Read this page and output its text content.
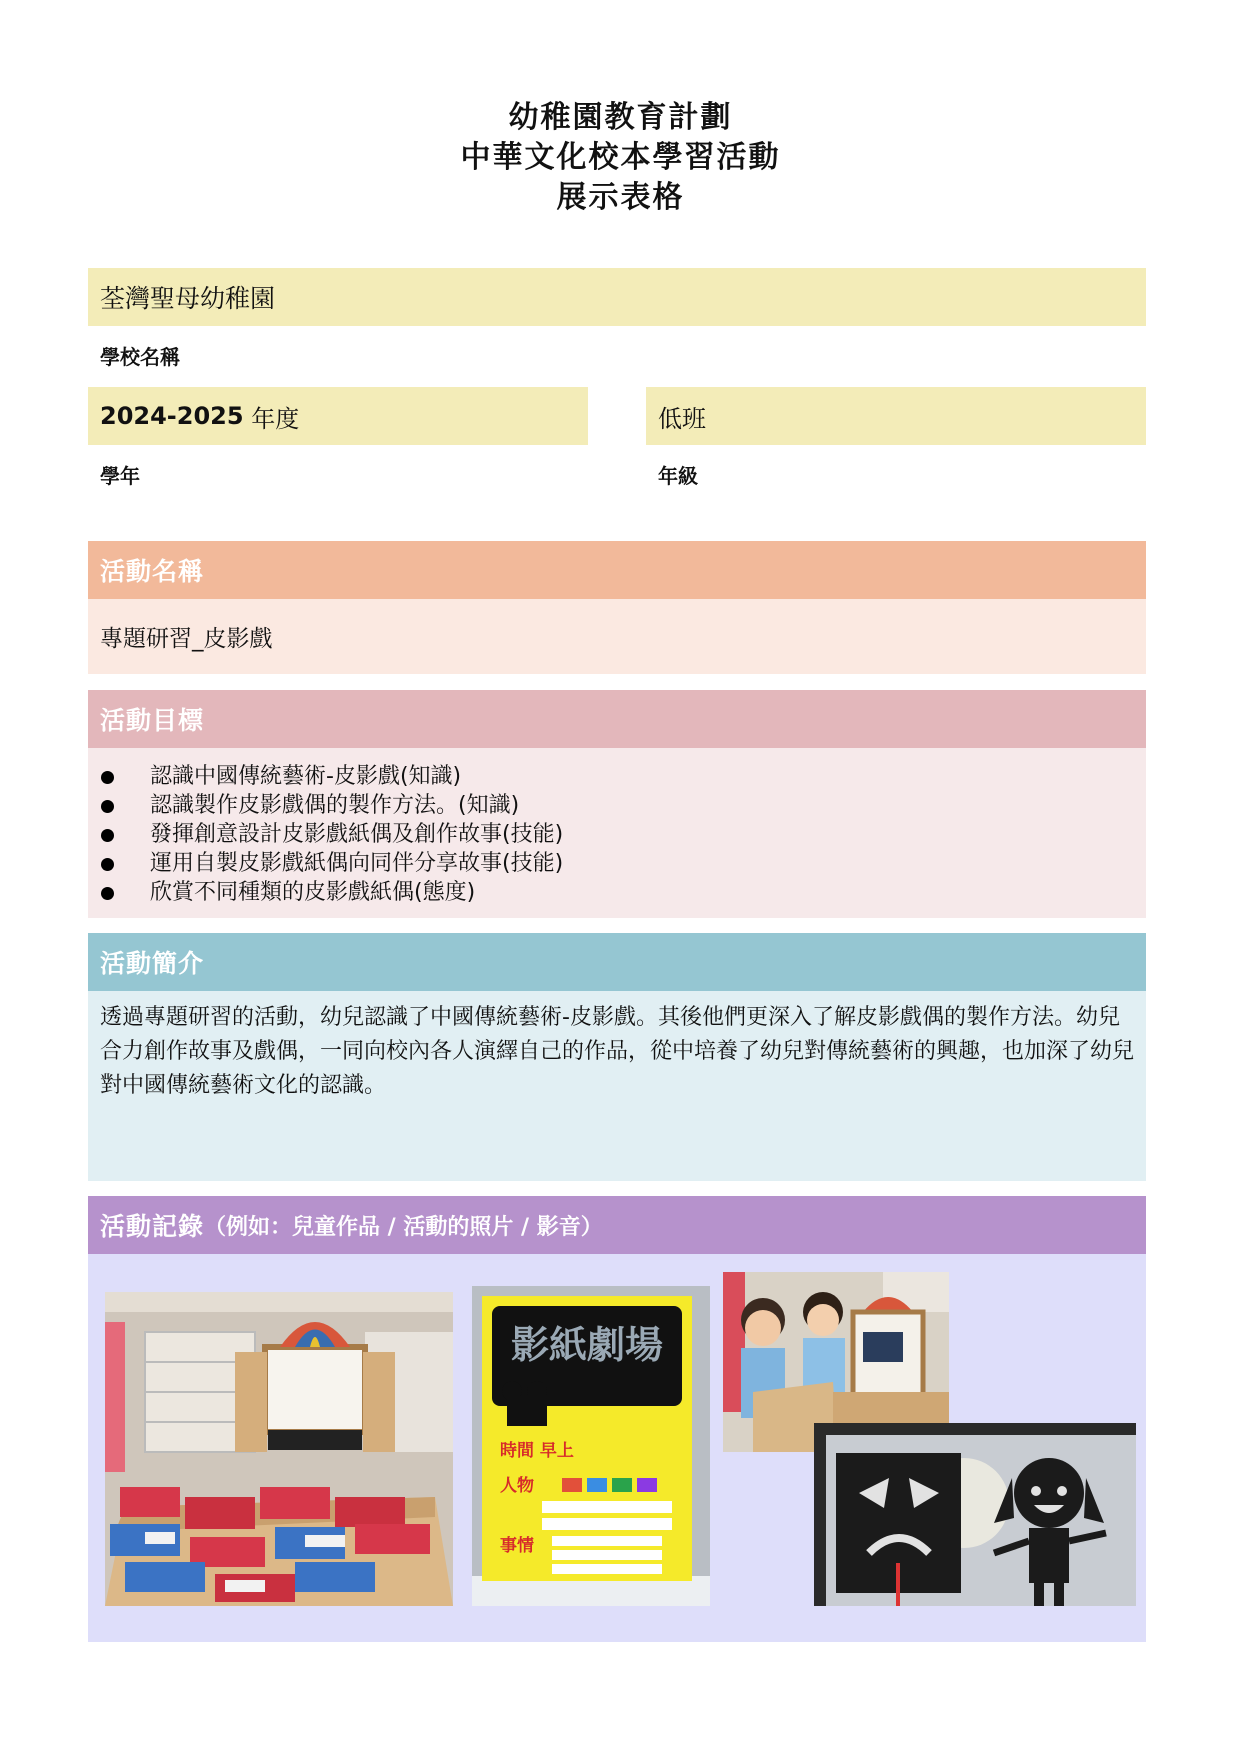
幼稚園教育計劃
中華文化校本學習活動
展示表格
荃灣聖母幼稚園
學校名稱
2024-2025 年度
學年
低班
年級
活動名稱
專題研習_皮影戲
活動目標
認識中國傳統藝術-皮影戲(知識)
認識製作皮影戲偶的製作方法。(知識)
發揮創意設計皮影戲紙偶及創作故事(技能)
運用自製皮影戲紙偶向同伴分享故事(技能)
欣賞不同種類的皮影戲紙偶(態度)
活動簡介
透過專題研習的活動，幼兒認識了中國傳統藝術-皮影戲。其後他們更深入了解皮影戲偶的製作方法。幼兒合力創作故事及戲偶，一同向校內各人演繹自己的作品，從中培養了幼兒對傳統藝術的興趣，也加深了幼兒對中國傳統藝術文化的認識。
活動記錄 （例如：兒童作品 / 活動的照片 / 影音）
影紙劇場
時間 早上
人物
事情
